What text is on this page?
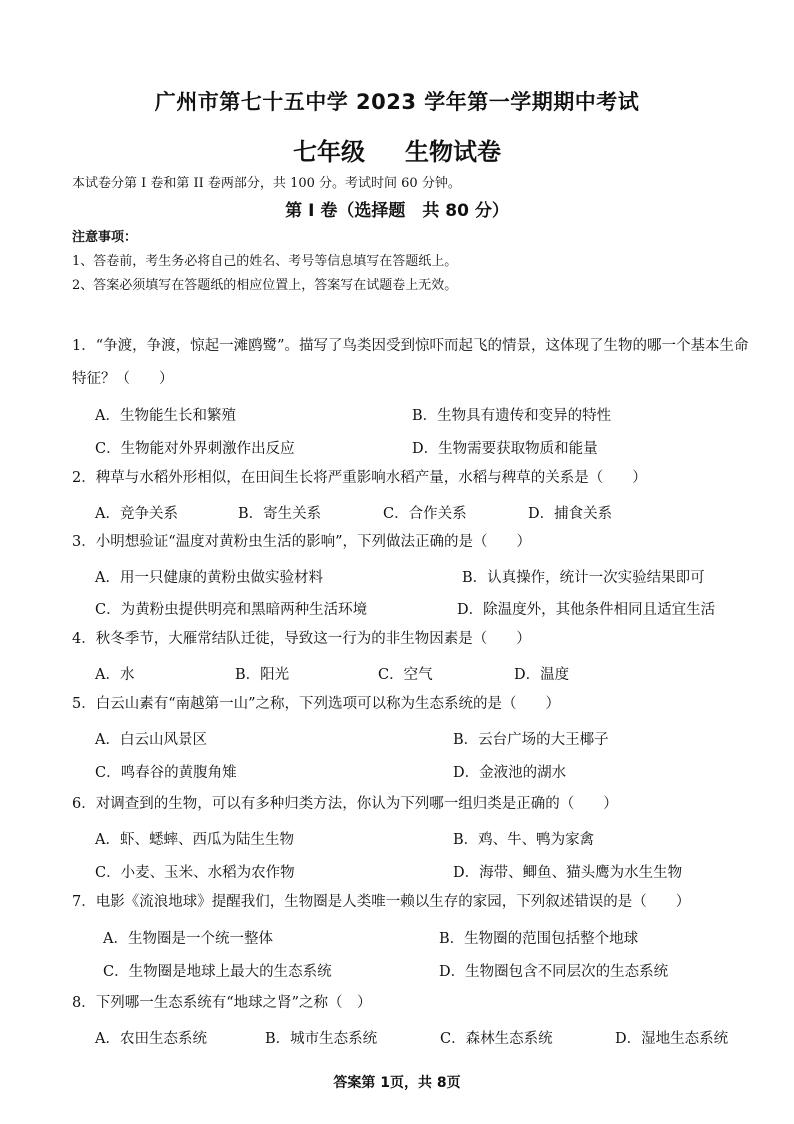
广州市第七十五中学 2023 学年第一学期期中考试
七年级 生物试卷
本试卷分第 I 卷和第 II 卷两部分，共 100 分。考试时间 60 分钟。
第 I 卷（选择题　共 80 分）
注意事项：
1、答卷前，考生务必将自己的姓名、考号等信息填写在答题纸上。
2、答案必须填写在答题纸的相应位置上，答案写在试题卷上无效。
1．“争渡，争渡，惊起一滩鸥鹭”。描写了鸟类因受到惊吓而起飞的情景，这体现了生物的哪一个基本生命
特征？（　　）
A．生物能生长和繁殖	B．生物具有遗传和变异的特性
C．生物能对外界刺激作出反应	D．生物需要获取物质和能量
2．稗草与水稻外形相似，在田间生长将严重影响水稻产量，水稻与稗草的关系是（　　）
A．竞争关系	B．寄生关系	C．合作关系	D．捕食关系
3．小明想验证“温度对黄粉虫生活的影响”，下列做法正确的是（　　）
A．用一只健康的黄粉虫做实验材料	B．认真操作，统计一次实验结果即可
C．为黄粉虫提供明亮和黑暗两种生活环境	D．除温度外，其他条件相同且适宜生活
4．秋冬季节，大雁常结队迁徙，导致这一行为的非生物因素是（　　）
A．水	B．阳光	C．空气	D．温度
5．白云山素有“南越第一山”之称，下列选项可以称为生态系统的是（　　）
A．白云山风景区	B．云台广场的大王椰子
C．鸣春谷的黄腹角雉	D．金液池的湖水
6．对调查到的生物，可以有多种归类方法，你认为下列哪一组归类是正确的（　　）
A．虾、蟋蟀、西瓜为陆生生物	B．鸡、牛、鸭为家禽
C．小麦、玉米、水稻为农作物	D．海带、鲫鱼、猫头鹰为水生生物
7．电影《流浪地球》提醒我们，生物圈是人类唯一赖以生存的家园，下列叙述错误的是（　　）
A．生物圈是一个统一整体	B．生物圈的范围包括整个地球
C．生物圈是地球上最大的生态系统	D．生物圈包含不同层次的生态系统
8．下列哪一生态系统有“地球之肾”之称（　）
A．农田生态系统	B．城市生态系统	C．森林生态系统	D．湿地生态系统
答案第 1页，共 8页
